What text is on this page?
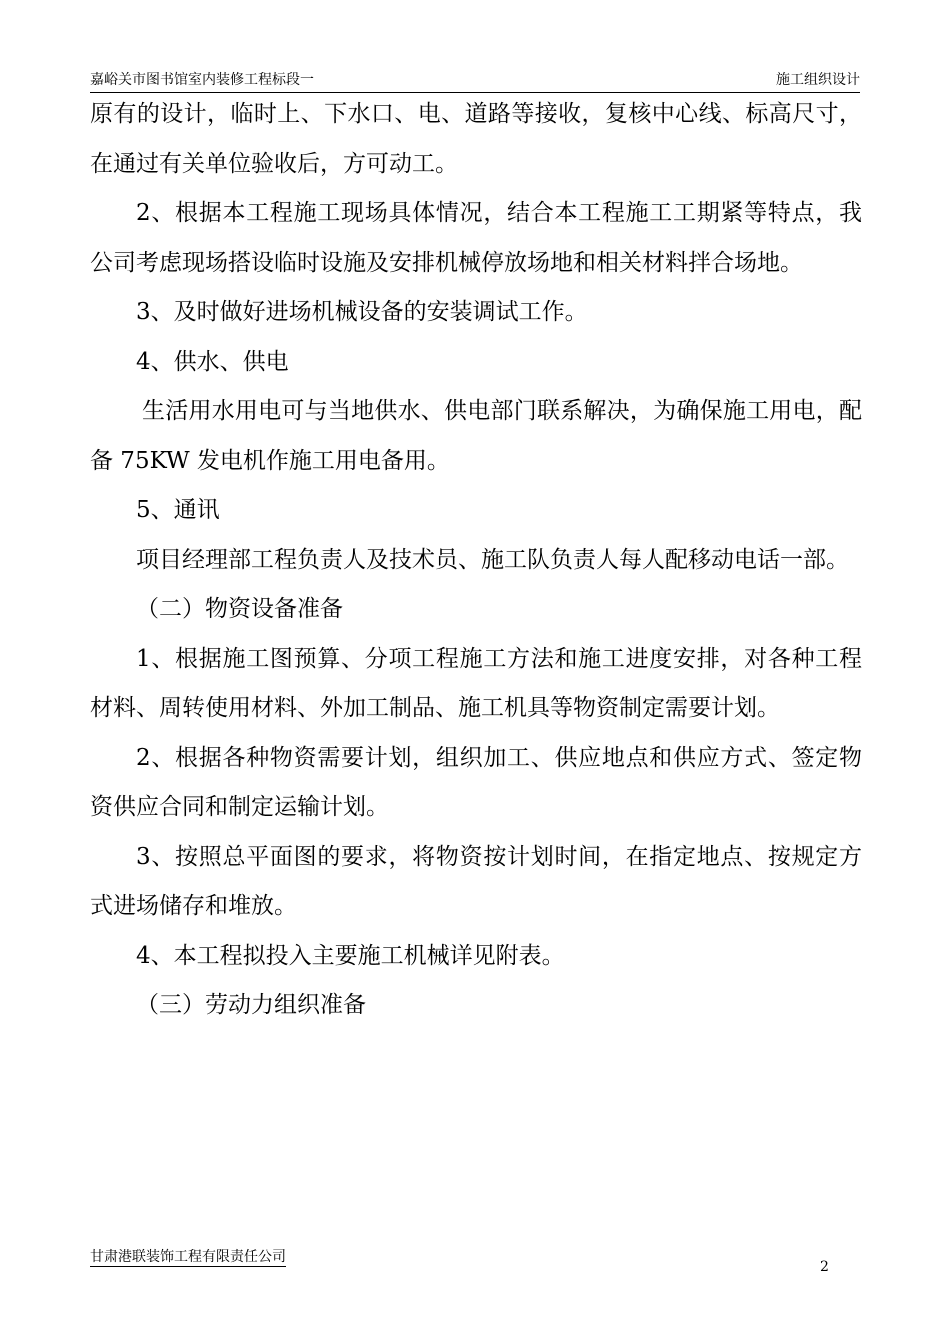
嘉峪关市图书馆室内装修工程标段一	施工组织设计

原有的设计，临时上、下水口、电、道路等接收，复核中心线、标高尺寸，在通过有关单位验收后，方可动工。

2、根据本工程施工现场具体情况，结合本工程施工工期紧等特点，我公司考虑现场搭设临时设施及安排机械停放场地和相关材料拌合场地。

3、及时做好进场机械设备的安装调试工作。

4、供水、供电

生活用水用电可与当地供水、供电部门联系解决，为确保施工用电，配备 75KW 发电机作施工用电备用。

5、通讯

项目经理部工程负责人及技术员、施工队负责人每人配移动电话一部。

（二）物资设备准备

1、根据施工图预算、分项工程施工方法和施工进度安排，对各种工程材料、周转使用材料、外加工制品、施工机具等物资制定需要计划。

2、根据各种物资需要计划，组织加工、供应地点和供应方式、签定物资供应合同和制定运输计划。

3、按照总平面图的要求，将物资按计划时间，在指定地点、按规定方式进场储存和堆放。

4、本工程拟投入主要施工机械详见附表。

（三）劳动力组织准备

甘肃港联装饰工程有限责任公司
2
